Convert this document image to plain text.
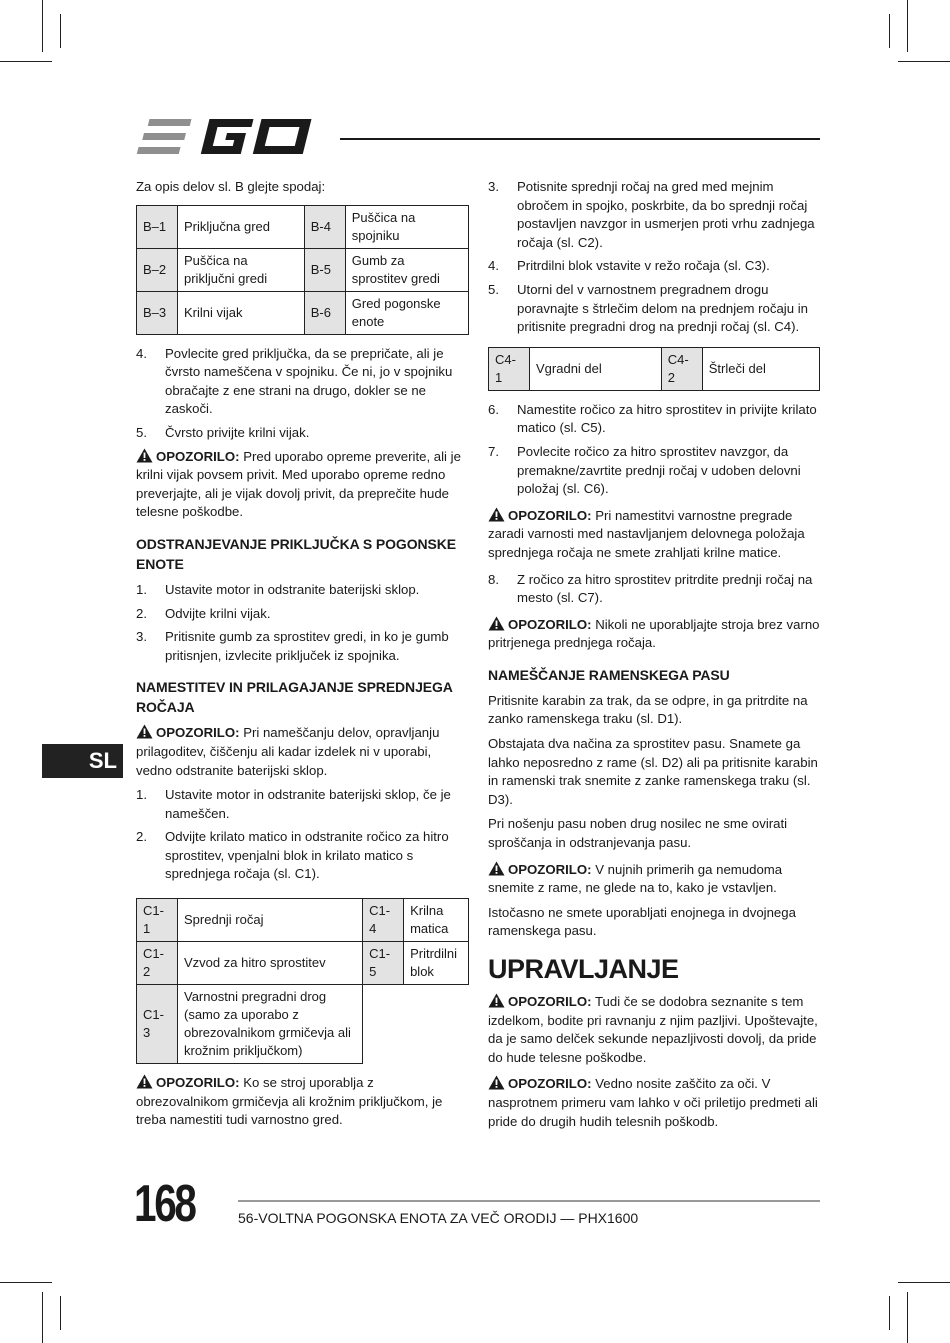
SL

Za opis delov sl. B glejte spodaj:

B–1	Priključna gred	B-4	Puščica na spojniku
B–2	Puščica na priključni gredi	B-5	Gumb za sprostitev gredi
B–3	Krilni vijak	B-6	Gred pogonske enote
4.	Povlecite gred priključka, da se prepričate, ali je čvrsto nameščena v spojniku. Če ni, jo v spojniku obračajte z ene strani na drugo, dokler se ne zaskoči.
5.	Čvrsto privijte krilni vijak.

OPOZORILO: Pred uporabo opreme preverite, ali je krilni vijak povsem privit. Med uporabo opreme redno preverjajte, ali je vijak dovolj privit, da preprečite hude telesne poškodbe.

ODSTRANJEVANJE PRIKLJUČKA S POGONSKE ENOTE
1.	Ustavite motor in odstranite baterijski sklop.
2.	Odvijte krilni vijak.
3.	Pritisnite gumb za sprostitev gredi, in ko je gumb pritisnjen, izvlecite priključek iz spojnika.
NAMESTITEV IN PRILAGAJANJE SPREDNJEGA ROČAJA

OPOZORILO: Pri nameščanju delov, opravljanju prilagoditev, čiščenju ali kadar izdelek ni v uporabi, vedno odstranite baterijski sklop.

1.	Ustavite motor in odstranite baterijski sklop, če je nameščen.
2.	Odvijte krilato matico in odstranite ročico za hitro sprostitev, vpenjalni blok in krilato matico s sprednjega ročaja (sl. C1).
C1-1	Sprednji ročaj	C1-4	Krilna matica
C1-2	Vzvod za hitro sprostitev	C1-5	Pritrdilni blok
C1-3	Varnostni pregradni drog (samo za uporabo z obrezovalnikom grmičevja ali krožnim priključkom)		

OPOZORILO: Ko se stroj uporablja z obrezovalnikom grmičevja ali krožnim priključkom, je treba namestiti tudi varnostno gred.

3.	Potisnite sprednji ročaj na gred med mejnim obročem in spojko, poskrbite, da bo sprednji ročaj postavljen navzgor in usmerjen proti vrhu zadnjega ročaja (sl. C2).
4.	Pritrdilni blok vstavite v režo ročaja (sl. C3).
5.	Utorni del v varnostnem pregradnem drogu poravnajte s štrlečim delom na prednjem ročaju in pritisnite pregradni drog na prednji ročaj (sl. C4).
C4-1	Vgradni del	C4-2	Štrleči del
6.	Namestite ročico za hitro sprostitev in privijte krilato matico (sl. C5).
7.	Povlecite ročico za hitro sprostitev navzgor, da premakne/zavrtite prednji ročaj v udoben delovni položaj (sl. C6).

OPOZORILO: Pri namestitvi varnostne pregrade zaradi varnosti med nastavljanjem delovnega položaja sprednjega ročaja ne smete zrahljati krilne matice.

8.	Z ročico za hitro sprostitev pritrdite prednji ročaj na mesto (sl. C7).

OPOZORILO: Nikoli ne uporabljajte stroja brez varno pritrjenega prednjega ročaja.

NAMEŠČANJE RAMENSKEGA PASU

Pritisnite karabin za trak, da se odpre, in ga pritrdite na zanko ramenskega traku (sl. D1).

Obstajata dva načina za sprostitev pasu. Snamete ga lahko neposredno z rame (sl. D2) ali pa pritisnite karabin in ramenski trak snemite z zanke ramenskega traku (sl. D3).

Pri nošenju pasu noben drug nosilec ne sme ovirati sproščanja in odstranjevanja pasu.

OPOZORILO: V nujnih primerih ga nemudoma snemite z rame, ne glede na to, kako je vstavljen.

Istočasno ne smete uporabljati enojnega in dvojnega ramenskega pasu.

UPRAVLJANJE

OPOZORILO: Tudi če se dodobra seznanite s tem izdelkom, bodite pri ravnanju z njim pazljivi. Upoštevajte, da je samo delček sekunde nepazljivosti dovolj, da pride do hude telesne poškodbe.

OPOZORILO: Vedno nosite zaščito za oči. V nasprotnem primeru vam lahko v oči priletijo predmeti ali pride do drugih hudih telesnih poškodb.

168	56-VOLTNA POGONSKA ENOTA ZA VEČ ORODIJ — PHX1600
